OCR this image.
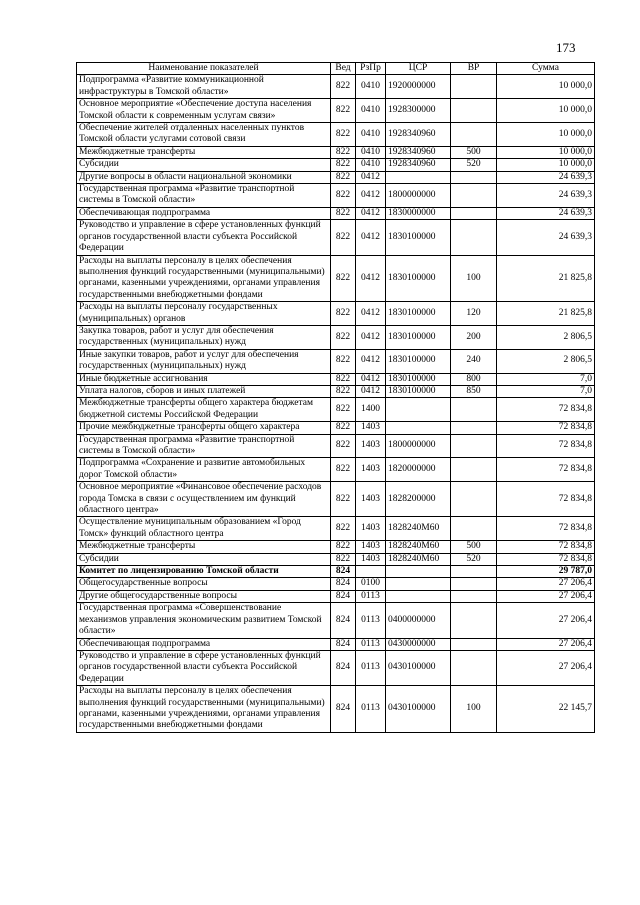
173
Наименование показателей	Вед	РзПр	ЦСР	ВР	Сумма
Подпрограмма «Развитие коммуникационной инфраструктуры в Томской области»	822	0410	1920000000		10 000,0
Основное мероприятие «Обеспечение доступа населения Томской области к современным услугам связи»	822	0410	1928300000		10 000,0
Обеспечение жителей отдаленных населенных пунктов Томской области услугами сотовой связи	822	0410	1928340960		10 000,0
Межбюджетные трансферты	822	0410	1928340960	500	10 000,0
Субсидии	822	0410	1928340960	520	10 000,0
Другие вопросы в области национальной экономики	822	0412			24 639,3
Государственная программа «Развитие транспортной системы в Томской области»	822	0412	1800000000		24 639,3
Обеспечивающая подпрограмма	822	0412	1830000000		24 639,3
Руководство и управление в сфере установленных функций органов государственной власти субъекта Российской Федерации	822	0412	1830100000		24 639,3
Расходы на выплаты персоналу в целях обеспечения выполнения функций государственными (муниципальными) органами, казенными учреждениями, органами управления государственными внебюджетными фондами	822	0412	1830100000	100	21 825,8
Расходы на выплаты персоналу государственных (муниципальных) органов	822	0412	1830100000	120	21 825,8
Закупка товаров, работ и услуг для обеспечения государственных (муниципальных) нужд	822	0412	1830100000	200	2 806,5
Иные закупки товаров, работ и услуг для обеспечения государственных (муниципальных) нужд	822	0412	1830100000	240	2 806,5
Иные бюджетные ассигнования	822	0412	1830100000	800	7,0
Уплата налогов, сборов и иных платежей	822	0412	1830100000	850	7,0
Межбюджетные трансферты общего характера бюджетам бюджетной системы Российской Федерации	822	1400			72 834,8
Прочие межбюджетные трансферты общего характера	822	1403			72 834,8
Государственная программа «Развитие транспортной системы в Томской области»	822	1403	1800000000		72 834,8
Подпрограмма «Сохранение и развитие автомобильных дорог Томской области»	822	1403	1820000000		72 834,8
Основное мероприятие «Финансовое обеспечение расходов города Томска в связи с осуществлением им функций областного центра»	822	1403	1828200000		72 834,8
Осуществление муниципальным образованием «Город Томск» функций областного центра	822	1403	1828240М60		72 834,8
Межбюджетные трансферты	822	1403	1828240М60	500	72 834,8
Субсидии	822	1403	1828240М60	520	72 834,8
Комитет по лицензированию Томской области	824				29 787,0
Общегосударственные вопросы	824	0100			27 206,4
Другие общегосударственные вопросы	824	0113			27 206,4
Государственная программа «Совершенствование механизмов управления экономическим развитием Томской области»	824	0113	0400000000		27 206,4
Обеспечивающая подпрограмма	824	0113	0430000000		27 206,4
Руководство и управление в сфере установленных функций органов государственной власти субъекта Российской Федерации	824	0113	0430100000		27 206,4
Расходы на выплаты персоналу в целях обеспечения выполнения функций государственными (муниципальными) органами, казенными учреждениями, органами управления государственными внебюджетными фондами	824	0113	0430100000	100	22 145,7
